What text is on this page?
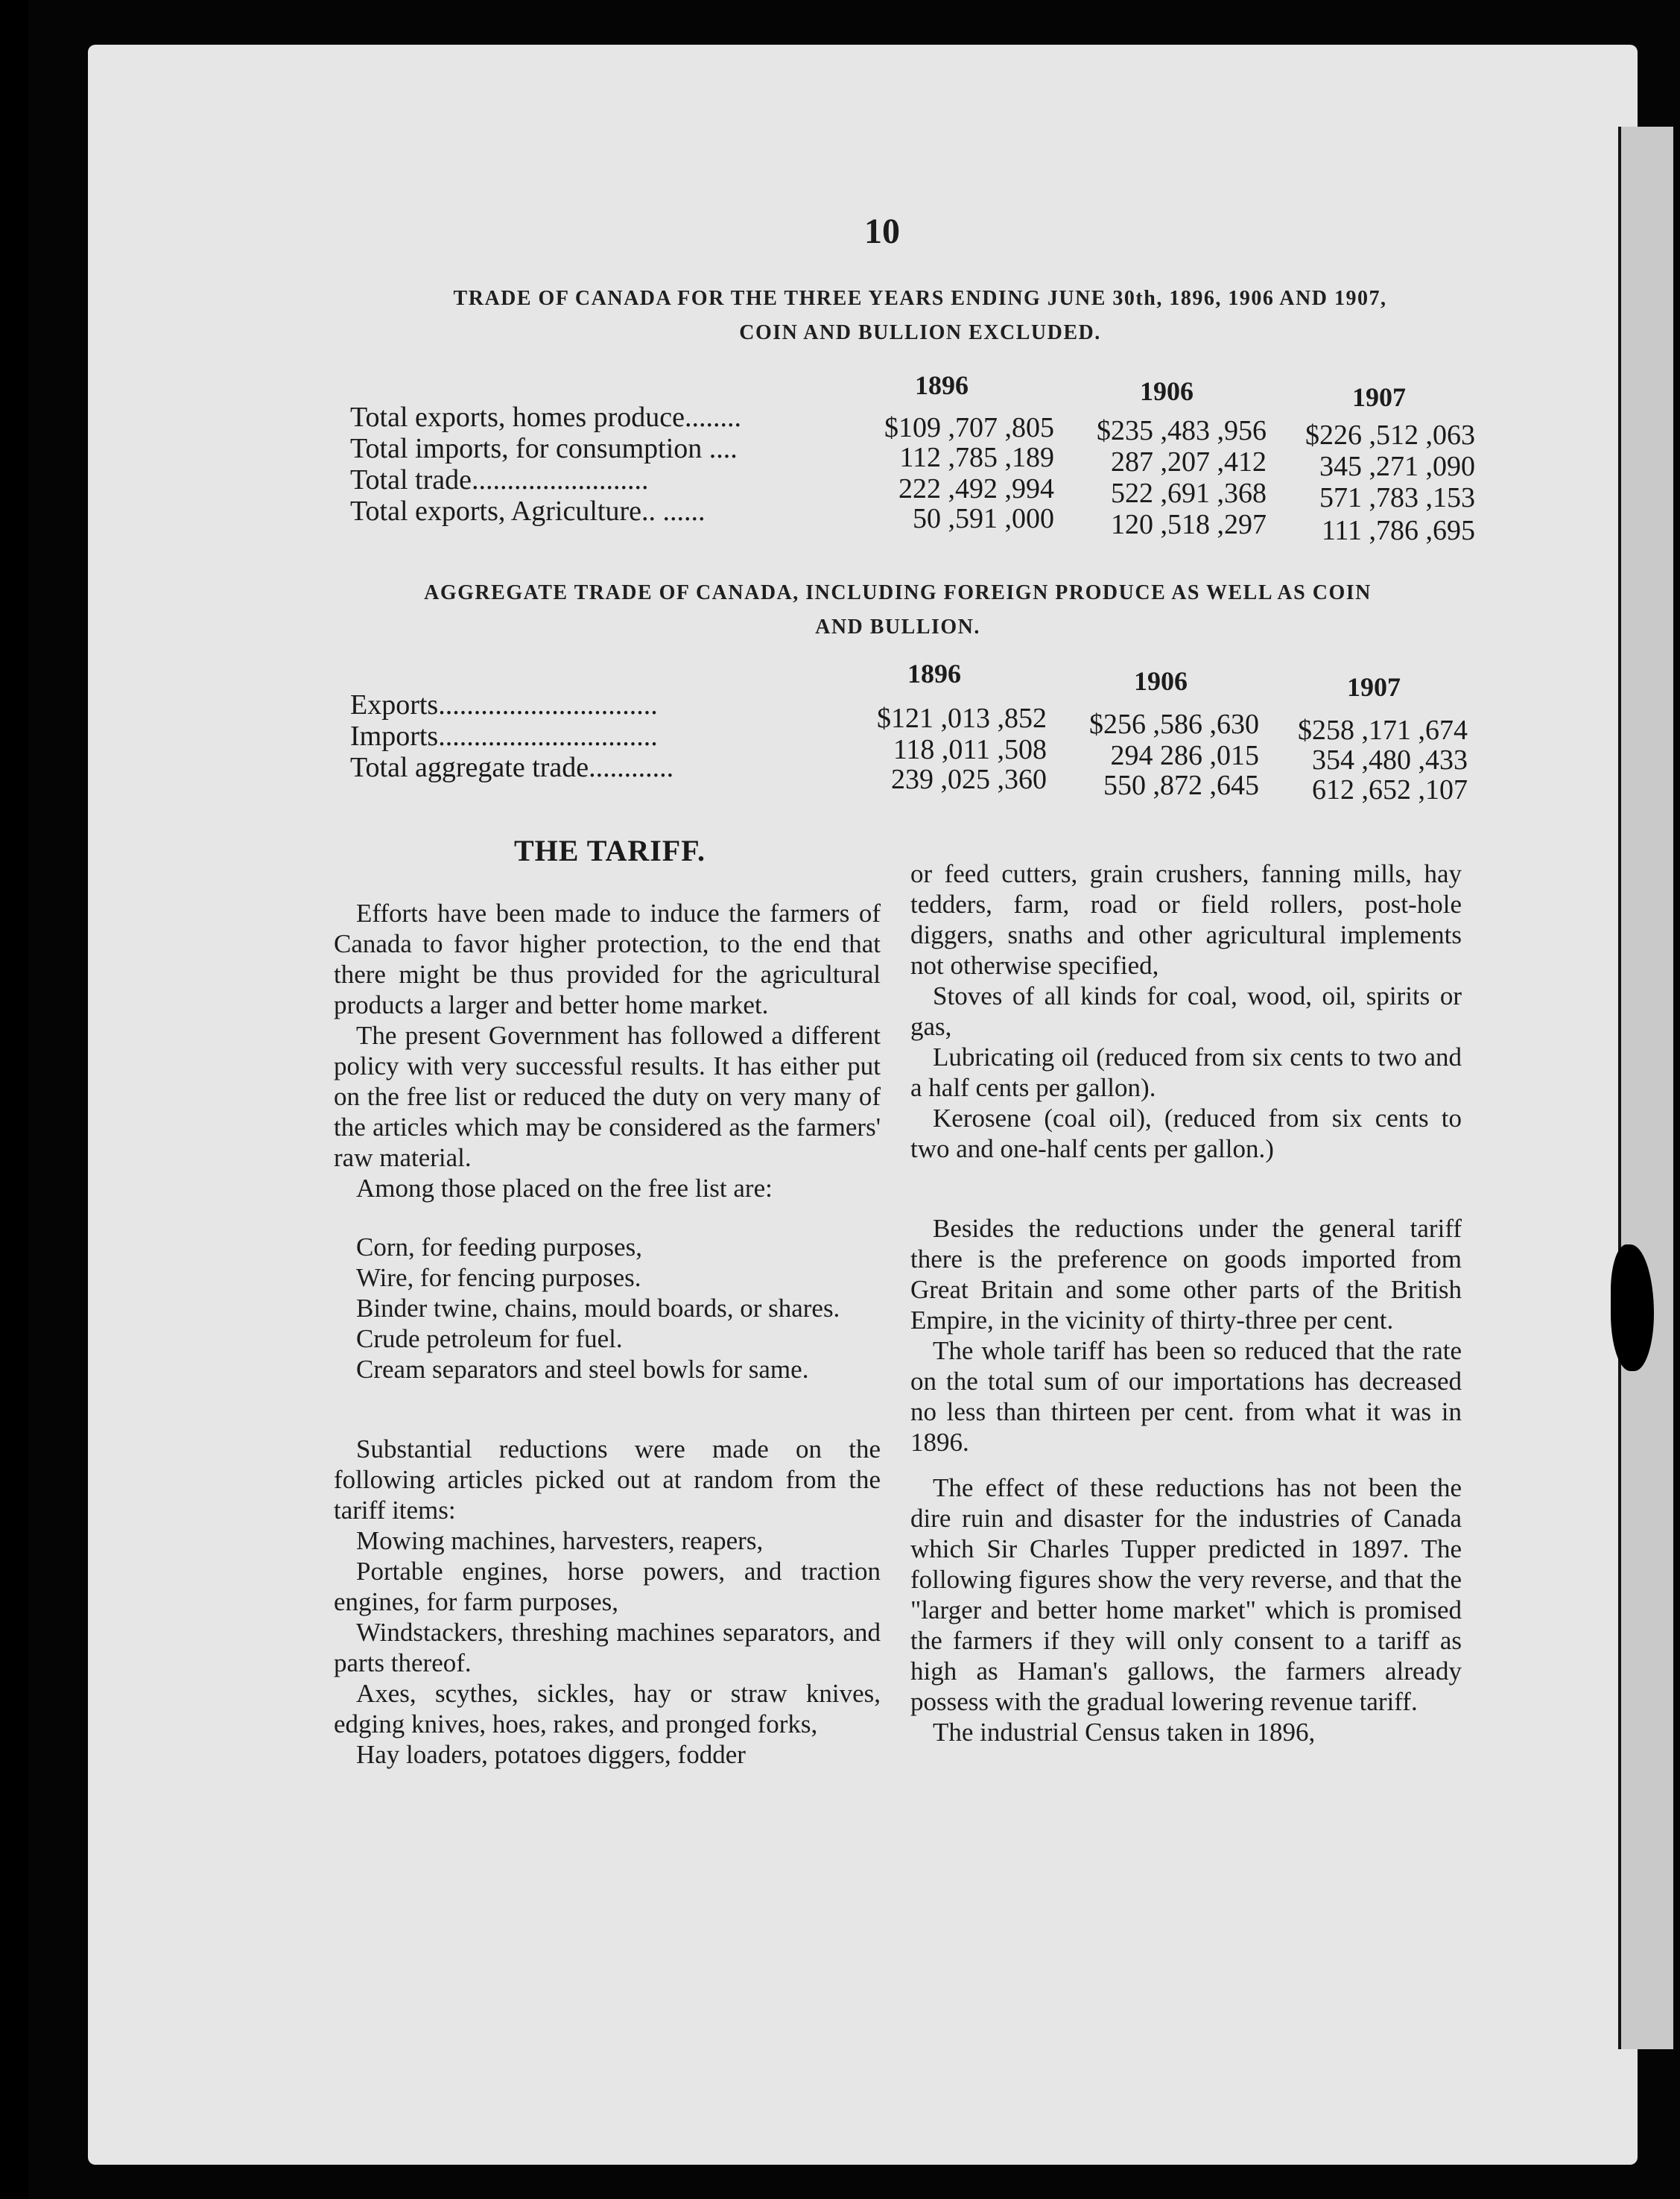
10
TRADE OF CANADA FOR THE THREE YEARS ENDING JUNE 30th, 1896, 1906 AND 1907,
COIN AND BULLION EXCLUDED.
1896	1906	1907
Total exports, homes produce........	$109 ,707 ,805	$235 ,483 ,956	$226 ,512 ,063
Total imports, for consumption ....	112 ,785 ,189	287 ,207 ,412	345 ,271 ,090
Total trade.........................	222 ,492 ,994	522 ,691 ,368	571 ,783 ,153
Total exports, Agriculture.. ......	50 ,591 ,000	120 ,518 ,297	111 ,786 ,695
AGGREGATE TRADE OF CANADA, INCLUDING FOREIGN PRODUCE AS WELL AS COIN
AND BULLION.
1896	1906	1907
Exports...............................	$121 ,013 ,852	$256 ,586 ,630	$258 ,171 ,674
Imports...............................	118 ,011 ,508	294 286 ,015	354 ,480 ,433
Total aggregate trade............	239 ,025 ,360	550 ,872 ,645	612 ,652 ,107
THE TARIFF.

Efforts have been made to induce the farmers of Canada to favor higher protection, to the end that there might be thus provided for the agricultural products a larger and better home market.

The present Government has followed a different policy with very successful results. It has either put on the free list or reduced the duty on very many of the articles which may be considered as the farmers' raw material.

Among those placed on the free list are:

Corn, for feeding purposes,

Wire, for fencing purposes.

Binder twine, chains, mould boards, or shares.

Crude petroleum for fuel.

Cream separators and steel bowls for same.

Substantial reductions were made on the following articles picked out at random from the tariff items:

Mowing machines, harvesters, reapers,

Portable engines, horse powers, and traction engines, for farm purposes,

Windstackers, threshing machines separators, and parts thereof.

Axes, scythes, sickles, hay or straw knives, edging knives, hoes, rakes, and pronged forks,

Hay loaders, potatoes diggers, fodder

or feed cutters, grain crushers, fanning mills, hay tedders, farm, road or field rollers, post-hole diggers, snaths and other agricultural implements not otherwise specified,

Stoves of all kinds for coal, wood, oil, spirits or gas,

Lubricating oil (reduced from six cents to two and a half cents per gallon).

Kerosene (coal oil), (reduced from six cents to two and one-half cents per gallon.)

Besides the reductions under the general tariff there is the preference on goods imported from Great Britain and some other parts of the British Empire, in the vicinity of thirty-three per cent.

The whole tariff has been so reduced that the rate on the total sum of our importations has decreased no less than thirteen per cent. from what it was in 1896.

The effect of these reductions has not been the dire ruin and disaster for the industries of Canada which Sir Charles Tupper predicted in 1897. The following figures show the very reverse, and that the "larger and better home market" which is promised the farmers if they will only consent to a tariff as high as Haman's gallows, the farmers already possess with the gradual lowering revenue tariff.

The industrial Census taken in 1896,
